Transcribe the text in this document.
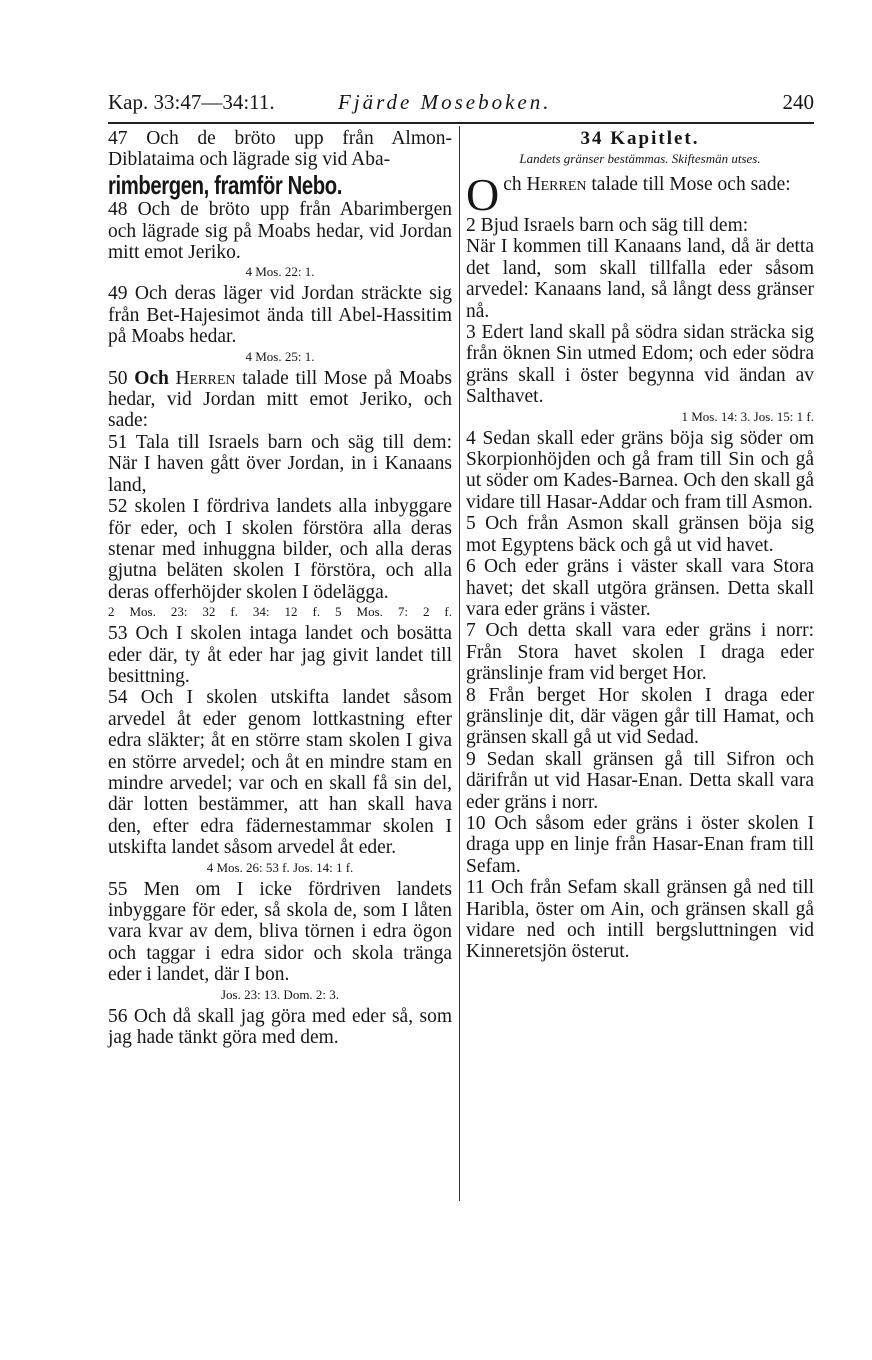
Kap. 33:47—34:11.	Fjärde Moseboken.	240

47 Och de bröto upp från Almon-Diblataima och lägrade sig vid Aba-

rimbergen, framför Nebo.

48 Och de bröto upp från Abarimbergen och lägrade sig på Moabs hedar, vid Jordan mitt emot Jeriko.

4 Mos. 22: 1.

49 Och deras läger vid Jordan sträckte sig från Bet-Hajesimot ända till Abel-Hassitim på Moabs hedar.

4 Mos. 25: 1.

50 Och Herren talade till Mose på Moabs hedar, vid Jordan mitt emot Jeriko, och sade:

51 Tala till Israels barn och säg till dem: När I haven gått över Jordan, in i Kanaans land,

52 skolen I fördriva landets alla inbyggare för eder, och I skolen förstöra alla deras stenar med inhuggna bilder, och alla deras gjutna beläten skolen I förstöra, och alla deras offerhöjder skolen I ödelägga.

2 Mos. 23: 32 f. 34: 12 f. 5 Mos. 7: 2 f.

53 Och I skolen intaga landet och bosätta eder där, ty åt eder har jag givit landet till besittning.

54 Och I skolen utskifta landet såsom arvedel åt eder genom lottkastning efter edra släkter; åt en större stam skolen I giva en större arvedel; och åt en mindre stam en mindre arvedel; var och en skall få sin del, där lotten bestämmer, att han skall hava den, efter edra fädernestammar skolen I utskifta landet såsom arvedel åt eder.

4 Mos. 26: 53 f. Jos. 14: 1 f.

55 Men om I icke fördriven landets inbyggare för eder, så skola de, som I låten vara kvar av dem, bliva törnen i edra ögon och taggar i edra sidor och skola tränga eder i landet, där I bon.

Jos. 23: 13. Dom. 2: 3.

56 Och då skall jag göra med eder så, som jag hade tänkt göra med dem.

34 Kapitlet.

Landets gränser bestämmas. Skiftesmän utses.

Och Herren talade till Mose och sade:

2 Bjud Israels barn och säg till dem:

När I kommen till Kanaans land, då är detta det land, som skall tillfalla eder såsom arvedel: Kanaans land, så långt dess gränser nå.

3 Edert land skall på södra sidan sträcka sig från öknen Sin utmed Edom; och eder södra gräns skall i öster begynna vid ändan av Salthavet.

1 Mos. 14: 3. Jos. 15: 1 f.

4 Sedan skall eder gräns böja sig söder om Skorpionhöjden och gå fram till Sin och gå ut söder om Kades-Barnea. Och den skall gå vidare till Hasar-Addar och fram till Asmon.

5 Och från Asmon skall gränsen böja sig mot Egyptens bäck och gå ut vid havet.

6 Och eder gräns i väster skall vara Stora havet; det skall utgöra gränsen. Detta skall vara eder gräns i väster.

7 Och detta skall vara eder gräns i norr: Från Stora havet skolen I draga eder gränslinje fram vid berget Hor.

8 Från berget Hor skolen I draga eder gränslinje dit, där vägen går till Hamat, och gränsen skall gå ut vid Sedad.

9 Sedan skall gränsen gå till Sifron och därifrån ut vid Hasar-Enan. Detta skall vara eder gräns i norr.

10 Och såsom eder gräns i öster skolen I draga upp en linje från Hasar-Enan fram till Sefam.

11 Och från Sefam skall gränsen gå ned till Haribla, öster om Ain, och gränsen skall gå vidare ned och intill bergsluttningen vid Kinneretsjön österut.
